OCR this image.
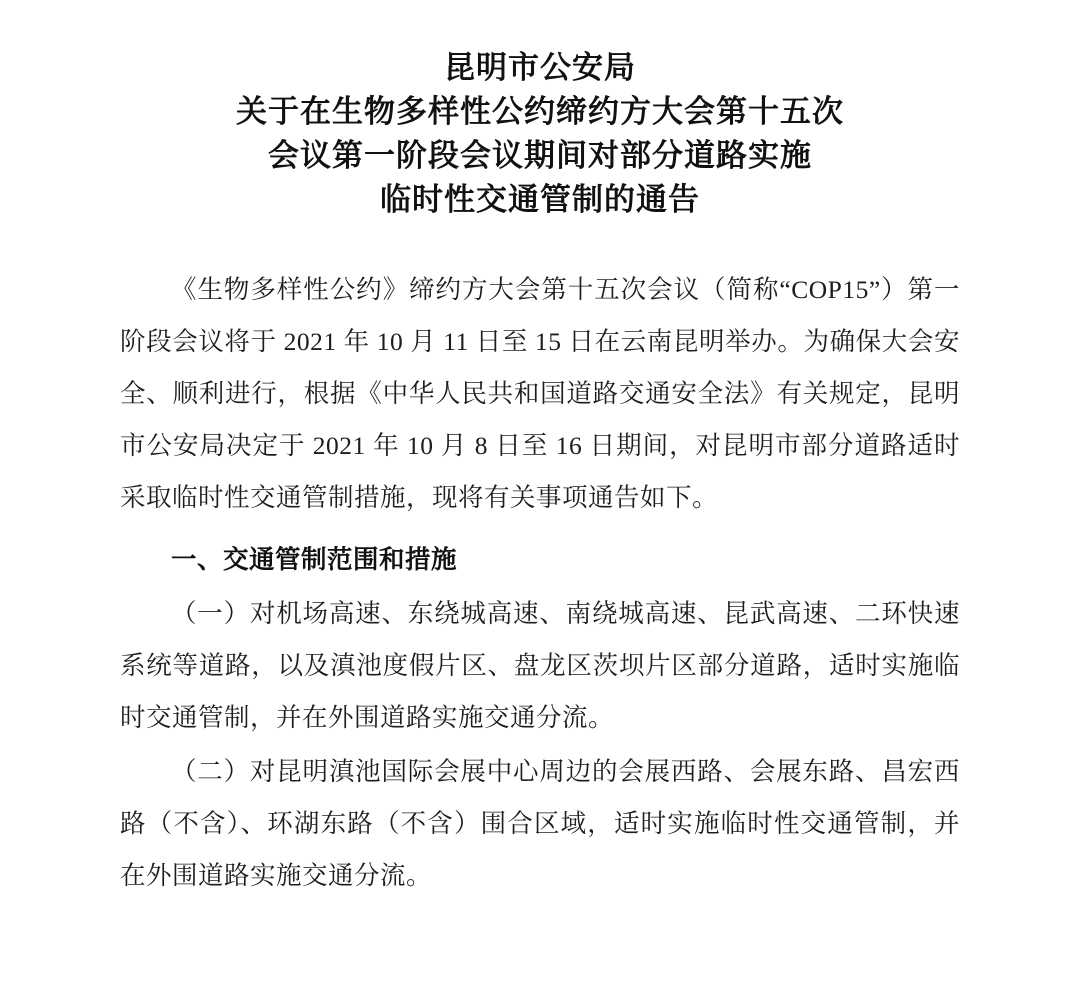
昆明市公安局
关于在生物多样性公约缔约方大会第十五次
会议第一阶段会议期间对部分道路实施
临时性交通管制的通告

《生物多样性公约》缔约方大会第十五次会议（简称“COP15”）第一阶段会议将于 2021 年 10 月 11 日至 15 日在云南昆明举办。为确保大会安全、顺利进行，根据《中华人民共和国道路交通安全法》有关规定，昆明市公安局决定于 2021 年 10 月 8 日至 16 日期间，对昆明市部分道路适时采取临时性交通管制措施，现将有关事项通告如下。

一、交通管制范围和措施

（一）对机场高速、东绕城高速、南绕城高速、昆武高速、二环快速系统等道路，以及滇池度假片区、盘龙区茨坝片区部分道路，适时实施临时交通管制，并在外围道路实施交通分流。

（二）对昆明滇池国际会展中心周边的会展西路、会展东路、昌宏西路（不含）、环湖东路（不含）围合区域，适时实施临时性交通管制，并在外围道路实施交通分流。
